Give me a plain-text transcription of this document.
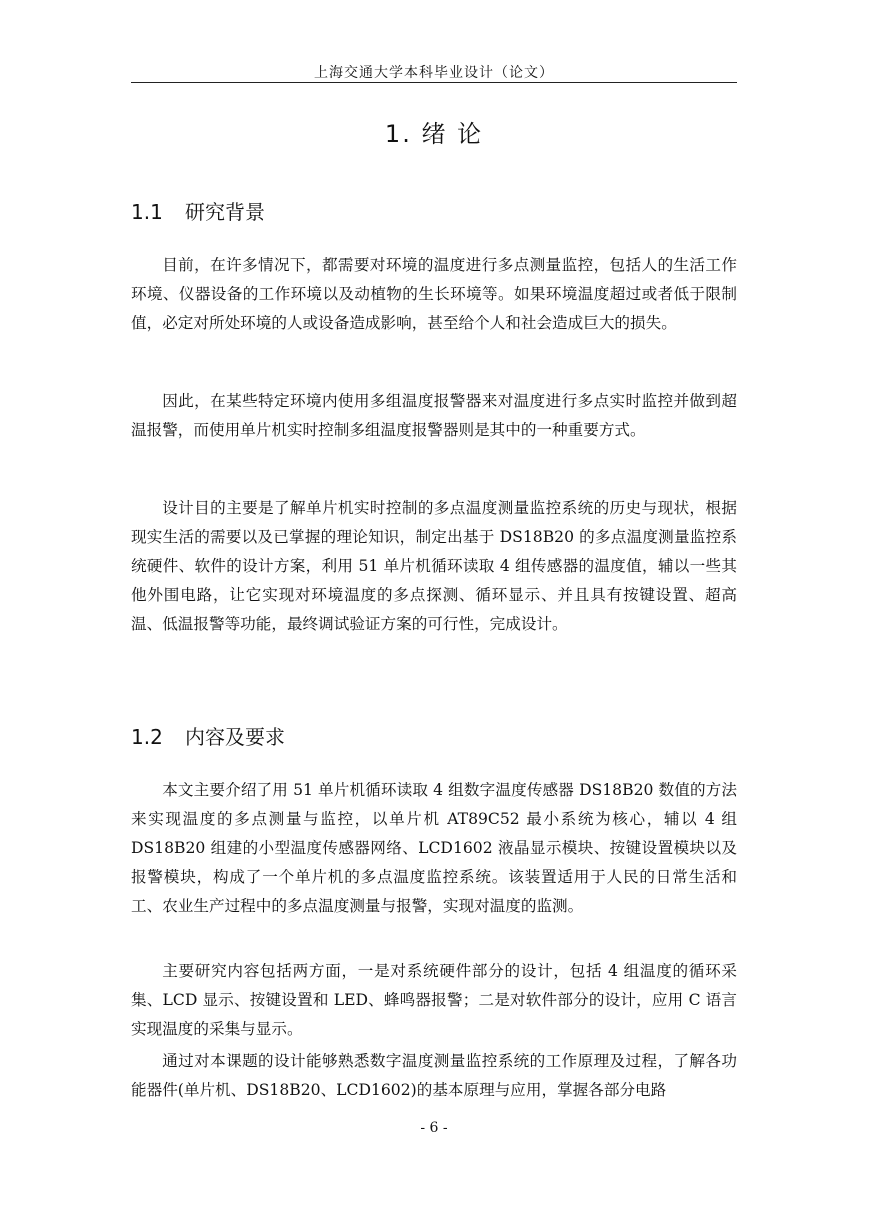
上海交通大学本科毕业设计（论文）
1. 绪 论
1.1 研究背景

目前，在许多情况下，都需要对环境的温度进行多点测量监控，包括人的生活工作环境、仪器设备的工作环境以及动植物的生长环境等。如果环境温度超过或者低于限制值，必定对所处环境的人或设备造成影响，甚至给个人和社会造成巨大的损失。

因此，在某些特定环境内使用多组温度报警器来对温度进行多点实时监控并做到超温报警，而使用单片机实时控制多组温度报警器则是其中的一种重要方式。

设计目的主要是了解单片机实时控制的多点温度测量监控系统的历史与现状，根据现实生活的需要以及已掌握的理论知识，制定出基于 DS18B20 的多点温度测量监控系统硬件、软件的设计方案，利用 51 单片机循环读取 4 组传感器的温度值，辅以一些其他外围电路，让它实现对环境温度的多点探测、循环显示、并且具有按键设置、超高温、低温报警等功能，最终调试验证方案的可行性，完成设计。

1.2 内容及要求

本文主要介绍了用 51 单片机循环读取 4 组数字温度传感器 DS18B20 数值的方法来实现温度的多点测量与监控，以单片机 AT89C52 最小系统为核心，辅以 4 组 DS18B20 组建的小型温度传感器网络、LCD1602 液晶显示模块、按键设置模块以及报警模块，构成了一个单片机的多点温度监控系统。该装置适用于人民的日常生活和工、农业生产过程中的多点温度测量与报警，实现对温度的监测。

主要研究内容包括两方面，一是对系统硬件部分的设计，包括 4 组温度的循环采集、LCD 显示、按键设置和 LED、蜂鸣器报警；二是对软件部分的设计，应用 C 语言实现温度的采集与显示。

通过对本课题的设计能够熟悉数字温度测量监控系统的工作原理及过程，了解各功能器件(单片机、DS18B20、LCD1602)的基本原理与应用，掌握各部分电路

- 6 -
